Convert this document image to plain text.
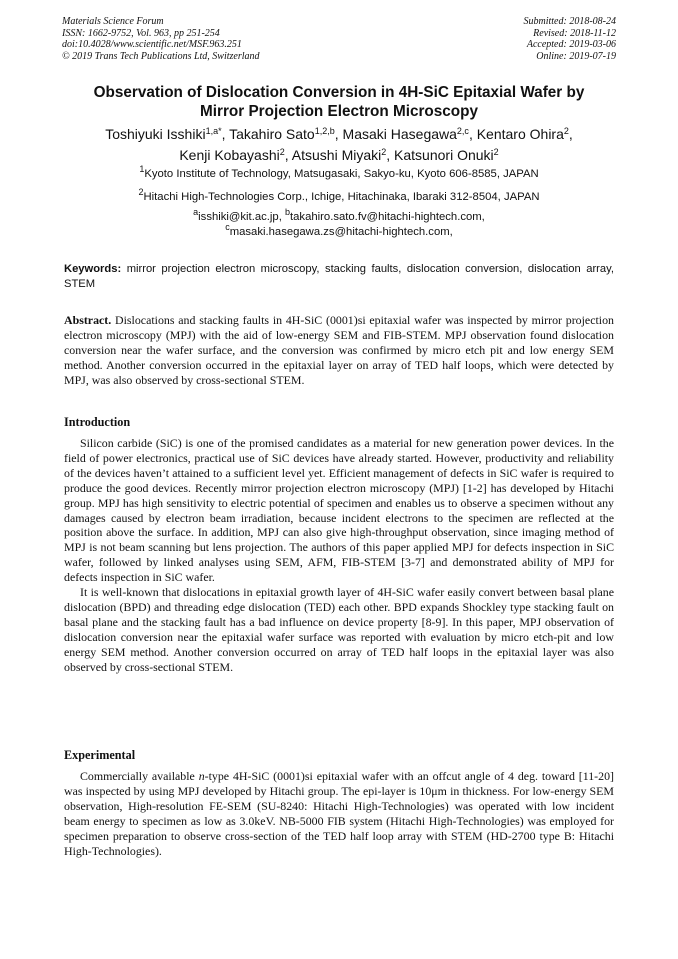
Materials Science Forum
ISSN: 1662-9752, Vol. 963, pp 251-254
doi:10.4028/www.scientific.net/MSF.963.251
© 2019 Trans Tech Publications Ltd, Switzerland
Submitted: 2018-08-24
Revised: 2018-11-12
Accepted: 2019-03-06
Online: 2019-07-19
Observation of Dislocation Conversion in 4H-SiC Epitaxial Wafer by
Mirror Projection Electron Microscopy
Toshiyuki Isshiki$^{1,a*}$, Takahiro Sato$^{1,2,b}$, Masaki Hasegawa$^{2,c}$, Kentaro Ohira$^2$,
Kenji Kobayashi$^2$, Atsushi Miyaki$^2$, Katsunori Onuki$^2$
$^1$Kyoto Institute of Technology, Matsugasaki, Sakyo-ku, Kyoto 606-8585, JAPAN
$^2$Hitachi High-Technologies Corp., Ichige, Hitachinaka, Ibaraki 312-8504, JAPAN
$^a$isshiki@kit.ac.jp, $^b$takahiro.sato.fv@hitachi-hightech.com,
$^c$masaki.hasegawa.zs@hitachi-hightech.com,
Keywords: mirror projection electron microscopy, stacking faults, dislocation conversion, dislocation array, STEM

Abstract. Dislocations and stacking faults in 4H-SiC (0001)si epitaxial wafer was inspected by mirror projection electron microscopy (MPJ) with the aid of low-energy SEM and FIB-STEM. MPJ observation found dislocation conversion near the wafer surface, and the conversion was confirmed by micro etch pit and low energy SEM method. Another conversion occurred in the epitaxial layer on array of TED half loops, which were detected by MPJ, was also observed by cross-sectional STEM.

Introduction

Silicon carbide (SiC) is one of the promised candidates as a material for new generation power devices. In the field of power electronics, practical use of SiC devices have already started. However, productivity and reliability of the devices haven’t attained to a sufficient level yet. Efficient management of defects in SiC wafer is required to produce the good devices. Recently mirror projection electron microscopy (MPJ) [1-2] has developed by Hitachi group. MPJ has high sensitivity to electric potential of specimen and enables us to observe a specimen without any damages caused by electron beam irradiation, because incident electrons to the specimen are reflected at the position above the surface. In addition, MPJ can also give high-throughput observation, since imaging method of MPJ is not beam scanning but lens projection. The authors of this paper applied MPJ for defects inspection in SiC wafer, followed by linked analyses using SEM, AFM, FIB-STEM [3-7] and demonstrated ability of MPJ for defects inspection in SiC wafer.

It is well-known that dislocations in epitaxial growth layer of 4H-SiC wafer easily convert between basal plane dislocation (BPD) and threading edge dislocation (TED) each other. BPD expands Shockley type stacking fault on basal plane and the stacking fault has a bad influence on device property [8-9]. In this paper, MPJ observation of dislocation conversion near the epitaxial wafer surface was reported with evaluation by micro etch-pit and low energy SEM method. Another conversion occurred on array of TED half loops in the epitaxial layer was also observed by cross-sectional STEM.

Experimental

Commercially available n-type 4H-SiC (0001)si epitaxial wafer with an offcut angle of 4 deg. toward [11-20] was inspected by using MPJ developed by Hitachi group. The epi-layer is 10μm in thickness. For low-energy SEM observation, High-resolution FE-SEM (SU-8240: Hitachi High-Technologies) was operated with low incident beam energy to specimen as low as 3.0keV. NB-5000 FIB system (Hitachi High-Technologies) was employed for specimen preparation to observe cross-section of the TED half loop array with STEM (HD-2700 type B: Hitachi High-Technologies).
